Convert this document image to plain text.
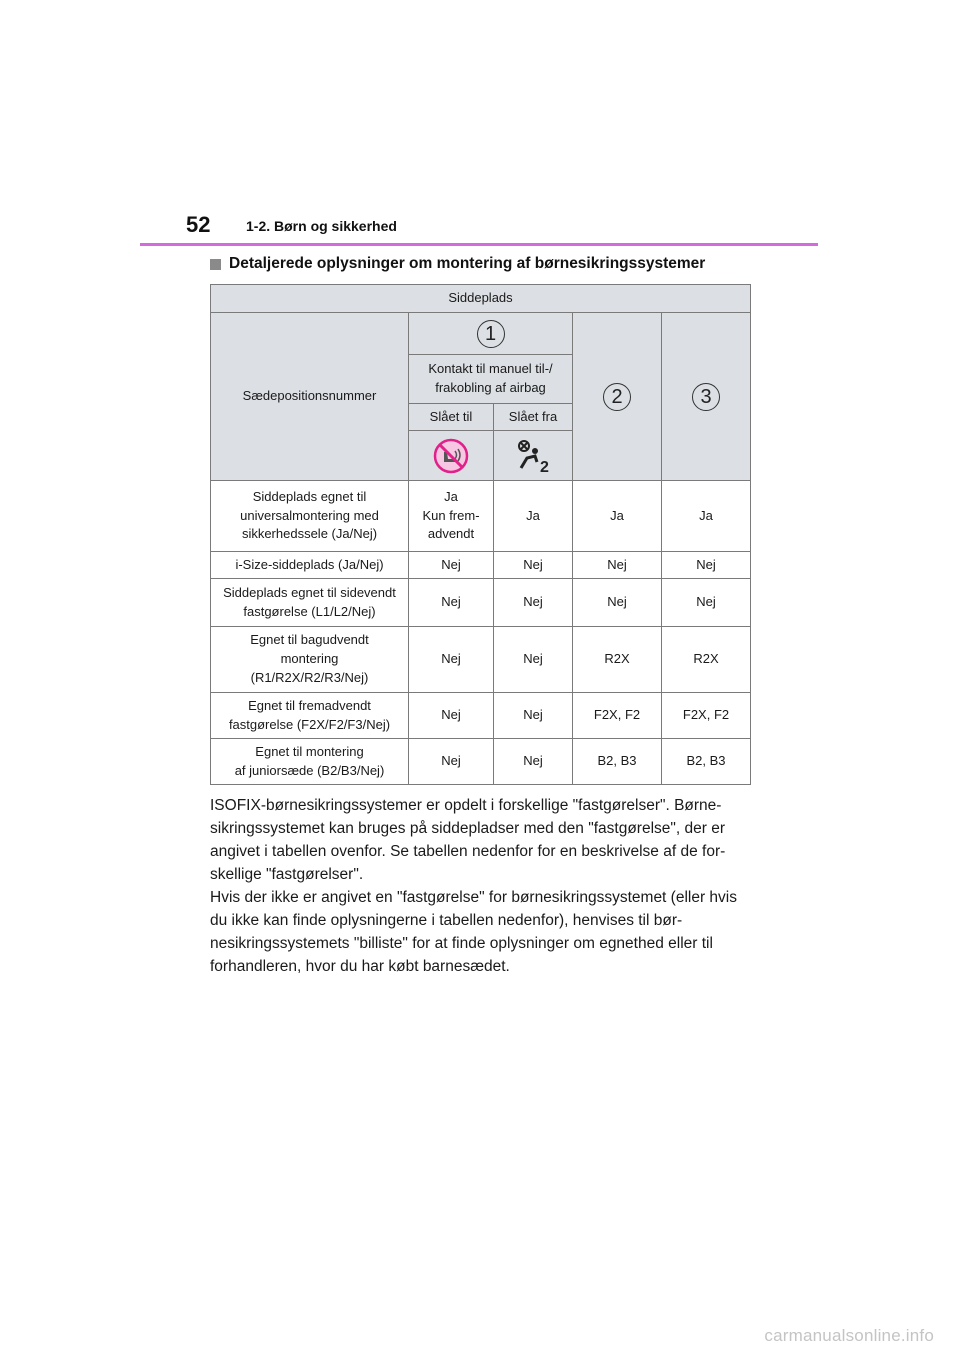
52	1-2. Børn og sikkerhed
Detaljerede oplysninger om montering af børnesikringssystemer
Siddeplads				
Sædepositionsnummer	1		2	3

	Kontakt til manuel til-/
frakobling af airbag			

	Slået til	Slået fra		

2		

Siddeplads egnet til
universalmontering med
sikkerhedssele (Ja/Nej)	Ja
Kun frem-
advendt	Ja	Ja	Ja

i-Size-siddeplads (Ja/Nej)	Nej	Nej	Nej	Nej

Siddeplads egnet til sidevendt
fastgørelse (L1/L2/Nej)	Nej	Nej	Nej	Nej

Egnet til bagudvendt
montering
(R1/R2X/R2/R3/Nej)	Nej	Nej	R2X	R2X

Egnet til fremadvendt
fastgørelse (F2X/F2/F3/Nej)	Nej	Nej	F2X, F2	F2X, F2

Egnet til montering
af juniorsæde (B2/B3/Nej)	Nej	Nej	B2, B3	B2, B3

ISOFIX-børnesikringssystemer er opdelt i forskellige "fastgørelser". Børne-sikringssystemet kan bruges på siddepladser med den "fastgørelse", der er angivet i tabellen ovenfor. Se tabellen nedenfor for en beskrivelse af de for-skellige "fastgørelser".

Hvis der ikke er angivet en "fastgørelse" for børnesikringssystemet (eller hvis du ikke kan finde oplysningerne i tabellen nedenfor), henvises til bør-nesikringssystemets "billiste" for at finde oplysninger om egnethed eller til forhandleren, hvor du har købt barnesædet.

carmanualsonline.info
